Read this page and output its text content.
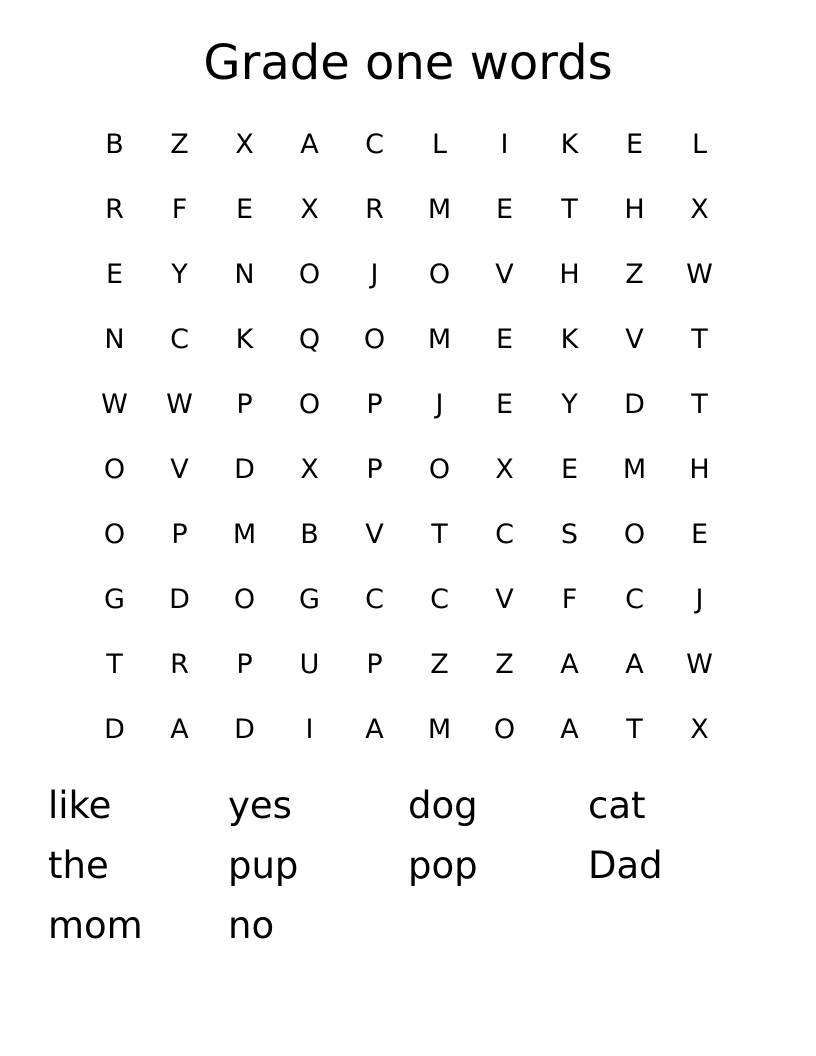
Grade one words
B	Z	X	A	C	L	I	K	E	L
R	F	E	X	R	M	E	T	H	X
E	Y	N	O	J	O	V	H	Z	W
N	C	K	Q	O	M	E	K	V	T
W	W	P	O	P	J	E	Y	D	T
O	V	D	X	P	O	X	E	M	H
O	P	M	B	V	T	C	S	O	E
G	D	O	G	C	C	V	F	C	J
T	R	P	U	P	Z	Z	A	A	W
D	A	D	I	A	M	O	A	T	X
like	yes	dog	cat
the	pup	pop	Dad
mom	no
